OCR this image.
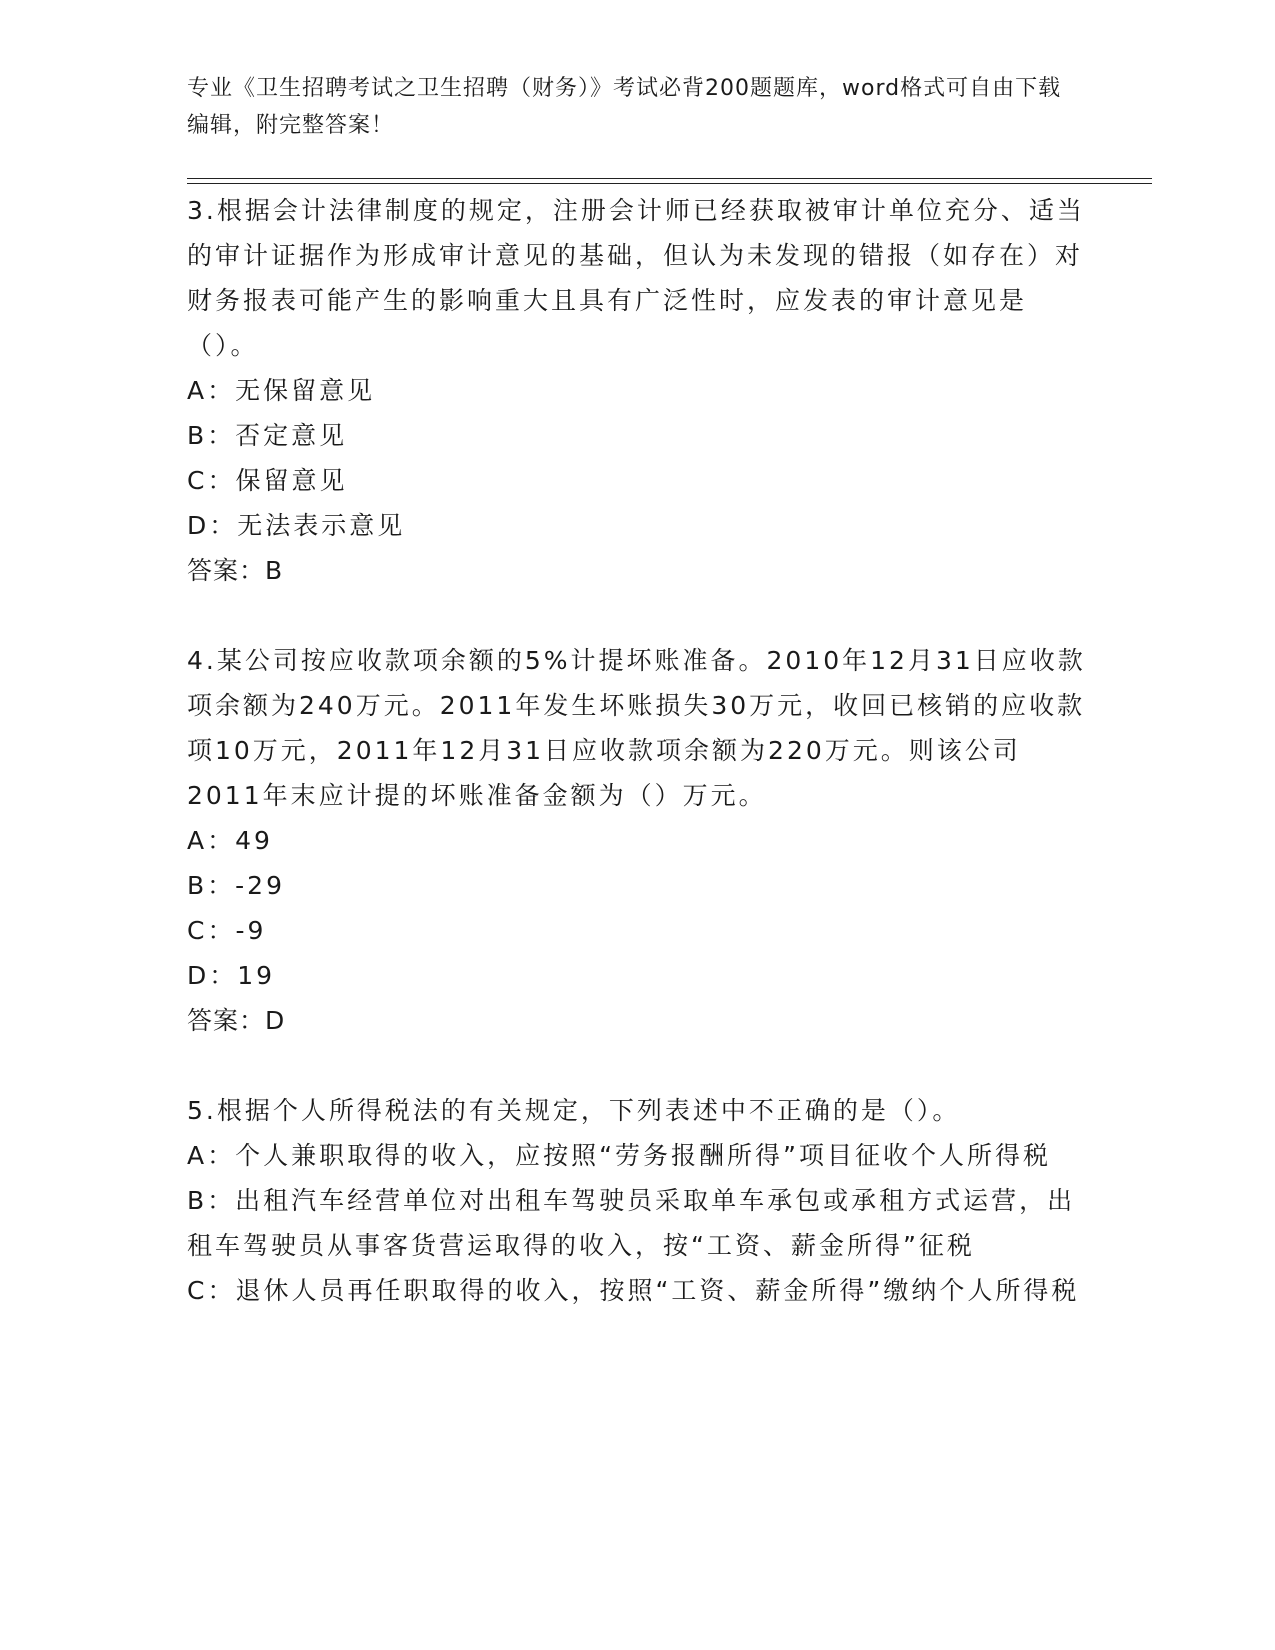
专业《卫生招聘考试之卫生招聘（财务）》考试必背200题题库，word格式可自由下载编辑，附完整答案！

3.根据会计法律制度的规定，注册会计师已经获取被审计单位充分、适当的审计证据作为形成审计意见的基础，但认为未发现的错报（如存在）对财务报表可能产生的影响重大且具有广泛性时，应发表的审计意见是（）。

A：无保留意见

B：否定意见

C：保留意见

D：无法表示意见

答案：B

4.某公司按应收款项余额的5%计提坏账准备。2010年12月31日应收款项余额为240万元。2011年发生坏账损失30万元，收回已核销的应收款项10万元，2011年12月31日应收款项余额为220万元。则该公司2011年末应计提的坏账准备金额为（）万元。

A：49

B：-29

C：-9

D：19

答案：D

5.根据个人所得税法的有关规定，下列表述中不正确的是（）。

A：个人兼职取得的收入，应按照“劳务报酬所得”项目征收个人所得税

B：出租汽车经营单位对出租车驾驶员采取单车承包或承租方式运营，出租车驾驶员从事客货营运取得的收入，按“工资、薪金所得”征税

C：退休人员再任职取得的收入，按照“工资、薪金所得”缴纳个人所得税
